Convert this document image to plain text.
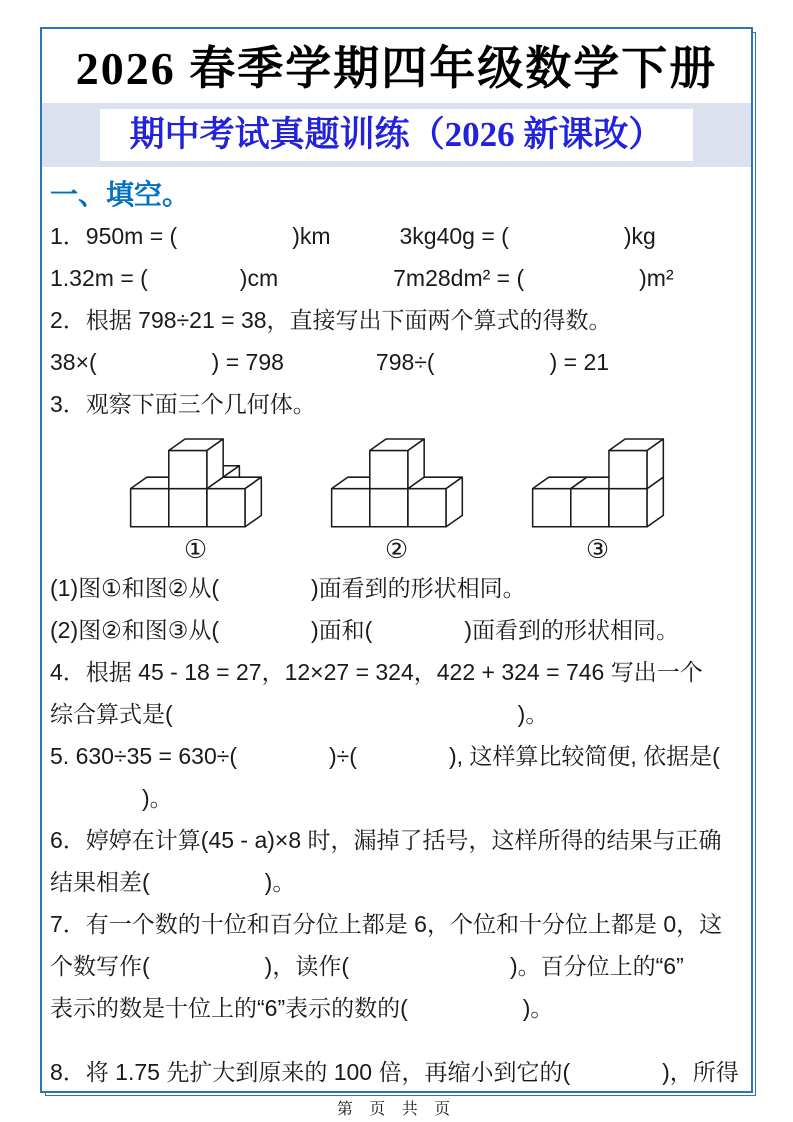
2026 春季学期四年级数学下册
期中考试真题训练（2026 新课改）
一、填空。
1．950m = (　　　　　)km　　　3kg40g = (　　　　　)kg
1.32m = (　　　　)cm　　　　　7m28dm² = (　　　　　)m²
2．根据 798÷21 = 38，直接写出下面两个算式的得数。
38×(　　　　　) = 798　　　　798÷(　　　　　) = 21
3．观察下面三个几何体。
①	②	③
(1)图①和图②从(　　　　)面看到的形状相同。
(2)图②和图③从(　　　　)面和(　　　　)面看到的形状相同。
4．根据 45 - 18 = 27，12×27 = 324，422 + 324 = 746 写出一个
综合算式是(　　　　　　　　　　　　　　　)。
5. 630÷35 = 630÷(　　　　)÷(　　　　), 这样算比较简便, 依据是(
　　　　)。
6．婷婷在计算(45 - a)×8 时，漏掉了括号，这样所得的结果与正确
结果相差(　　　　　)。
7．有一个数的十位和百分位上都是 6，个位和十分位上都是 0，这
个数写作(　　　　　)，读作(　　　　　　　)。百分位上的“6”
表示的数是十位上的“6”表示的数的(　　　　　)。
8．将 1.75 先扩大到原来的 100 倍，再缩小到它的(　　　　)，所得
第 页 共 页
